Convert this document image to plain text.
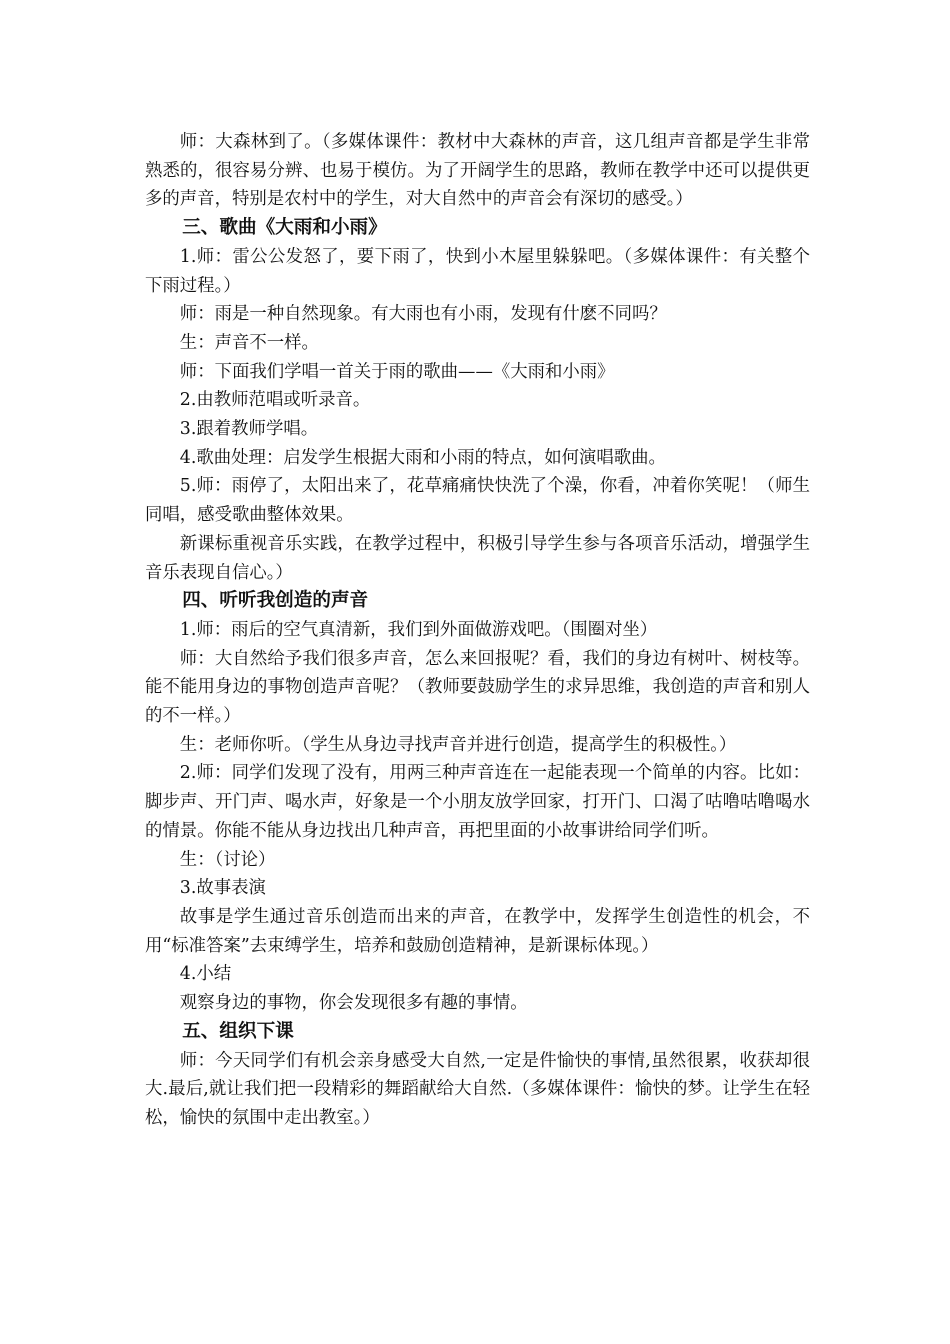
师：大森林到了。（多媒体课件：教材中大森林的声音，这几组声音都是学生非常熟悉的，很容易分辨、也易于模仿。为了开阔学生的思路，教师在教学中还可以提供更多的声音，特别是农村中的学生，对大自然中的声音会有深切的感受。）

三、歌曲《大雨和小雨》

1.师：雷公公发怒了，要下雨了，快到小木屋里躲躲吧。（多媒体课件：有关整个下雨过程。）

师：雨是一种自然现象。有大雨也有小雨，发现有什麽不同吗？

生：声音不一样。

师：下面我们学唱一首关于雨的歌曲——《大雨和小雨》

2.由教师范唱或听录音。

3.跟着教师学唱。

4.歌曲处理：启发学生根据大雨和小雨的特点，如何演唱歌曲。

5.师：雨停了，太阳出来了，花草痛痛快快洗了个澡，你看，冲着你笑呢！（师生同唱，感受歌曲整体效果。

新课标重视音乐实践，在教学过程中，积极引导学生参与各项音乐活动，增强学生音乐表现自信心。）

四、听听我创造的声音

1.师：雨后的空气真清新，我们到外面做游戏吧。（围圈对坐）

师：大自然给予我们很多声音，怎么来回报呢？看，我们的身边有树叶、树枝等。能不能用身边的事物创造声音呢？（教师要鼓励学生的求异思维，我创造的声音和别人的不一样。）

生：老师你听。（学生从身边寻找声音并进行创造，提高学生的积极性。）

2.师：同学们发现了没有，用两三种声音连在一起能表现一个简单的内容。比如：脚步声、开门声、喝水声，好象是一个小朋友放学回家，打开门、口渴了咕噜咕噜喝水的情景。你能不能从身边找出几种声音，再把里面的小故事讲给同学们听。

生：（讨论）

3.故事表演

故事是学生通过音乐创造而出来的声音，在教学中，发挥学生创造性的机会，不用“标准答案”去束缚学生，培养和鼓励创造精神，是新课标体现。）

4.小结

观察身边的事物，你会发现很多有趣的事情。

五、组织下课

师：今天同学们有机会亲身感受大自然,一定是件愉快的事情,虽然很累，收获却很大.最后,就让我们把一段精彩的舞蹈献给大自然.（多媒体课件：愉快的梦。让学生在轻松，愉快的氛围中走出教室。）
